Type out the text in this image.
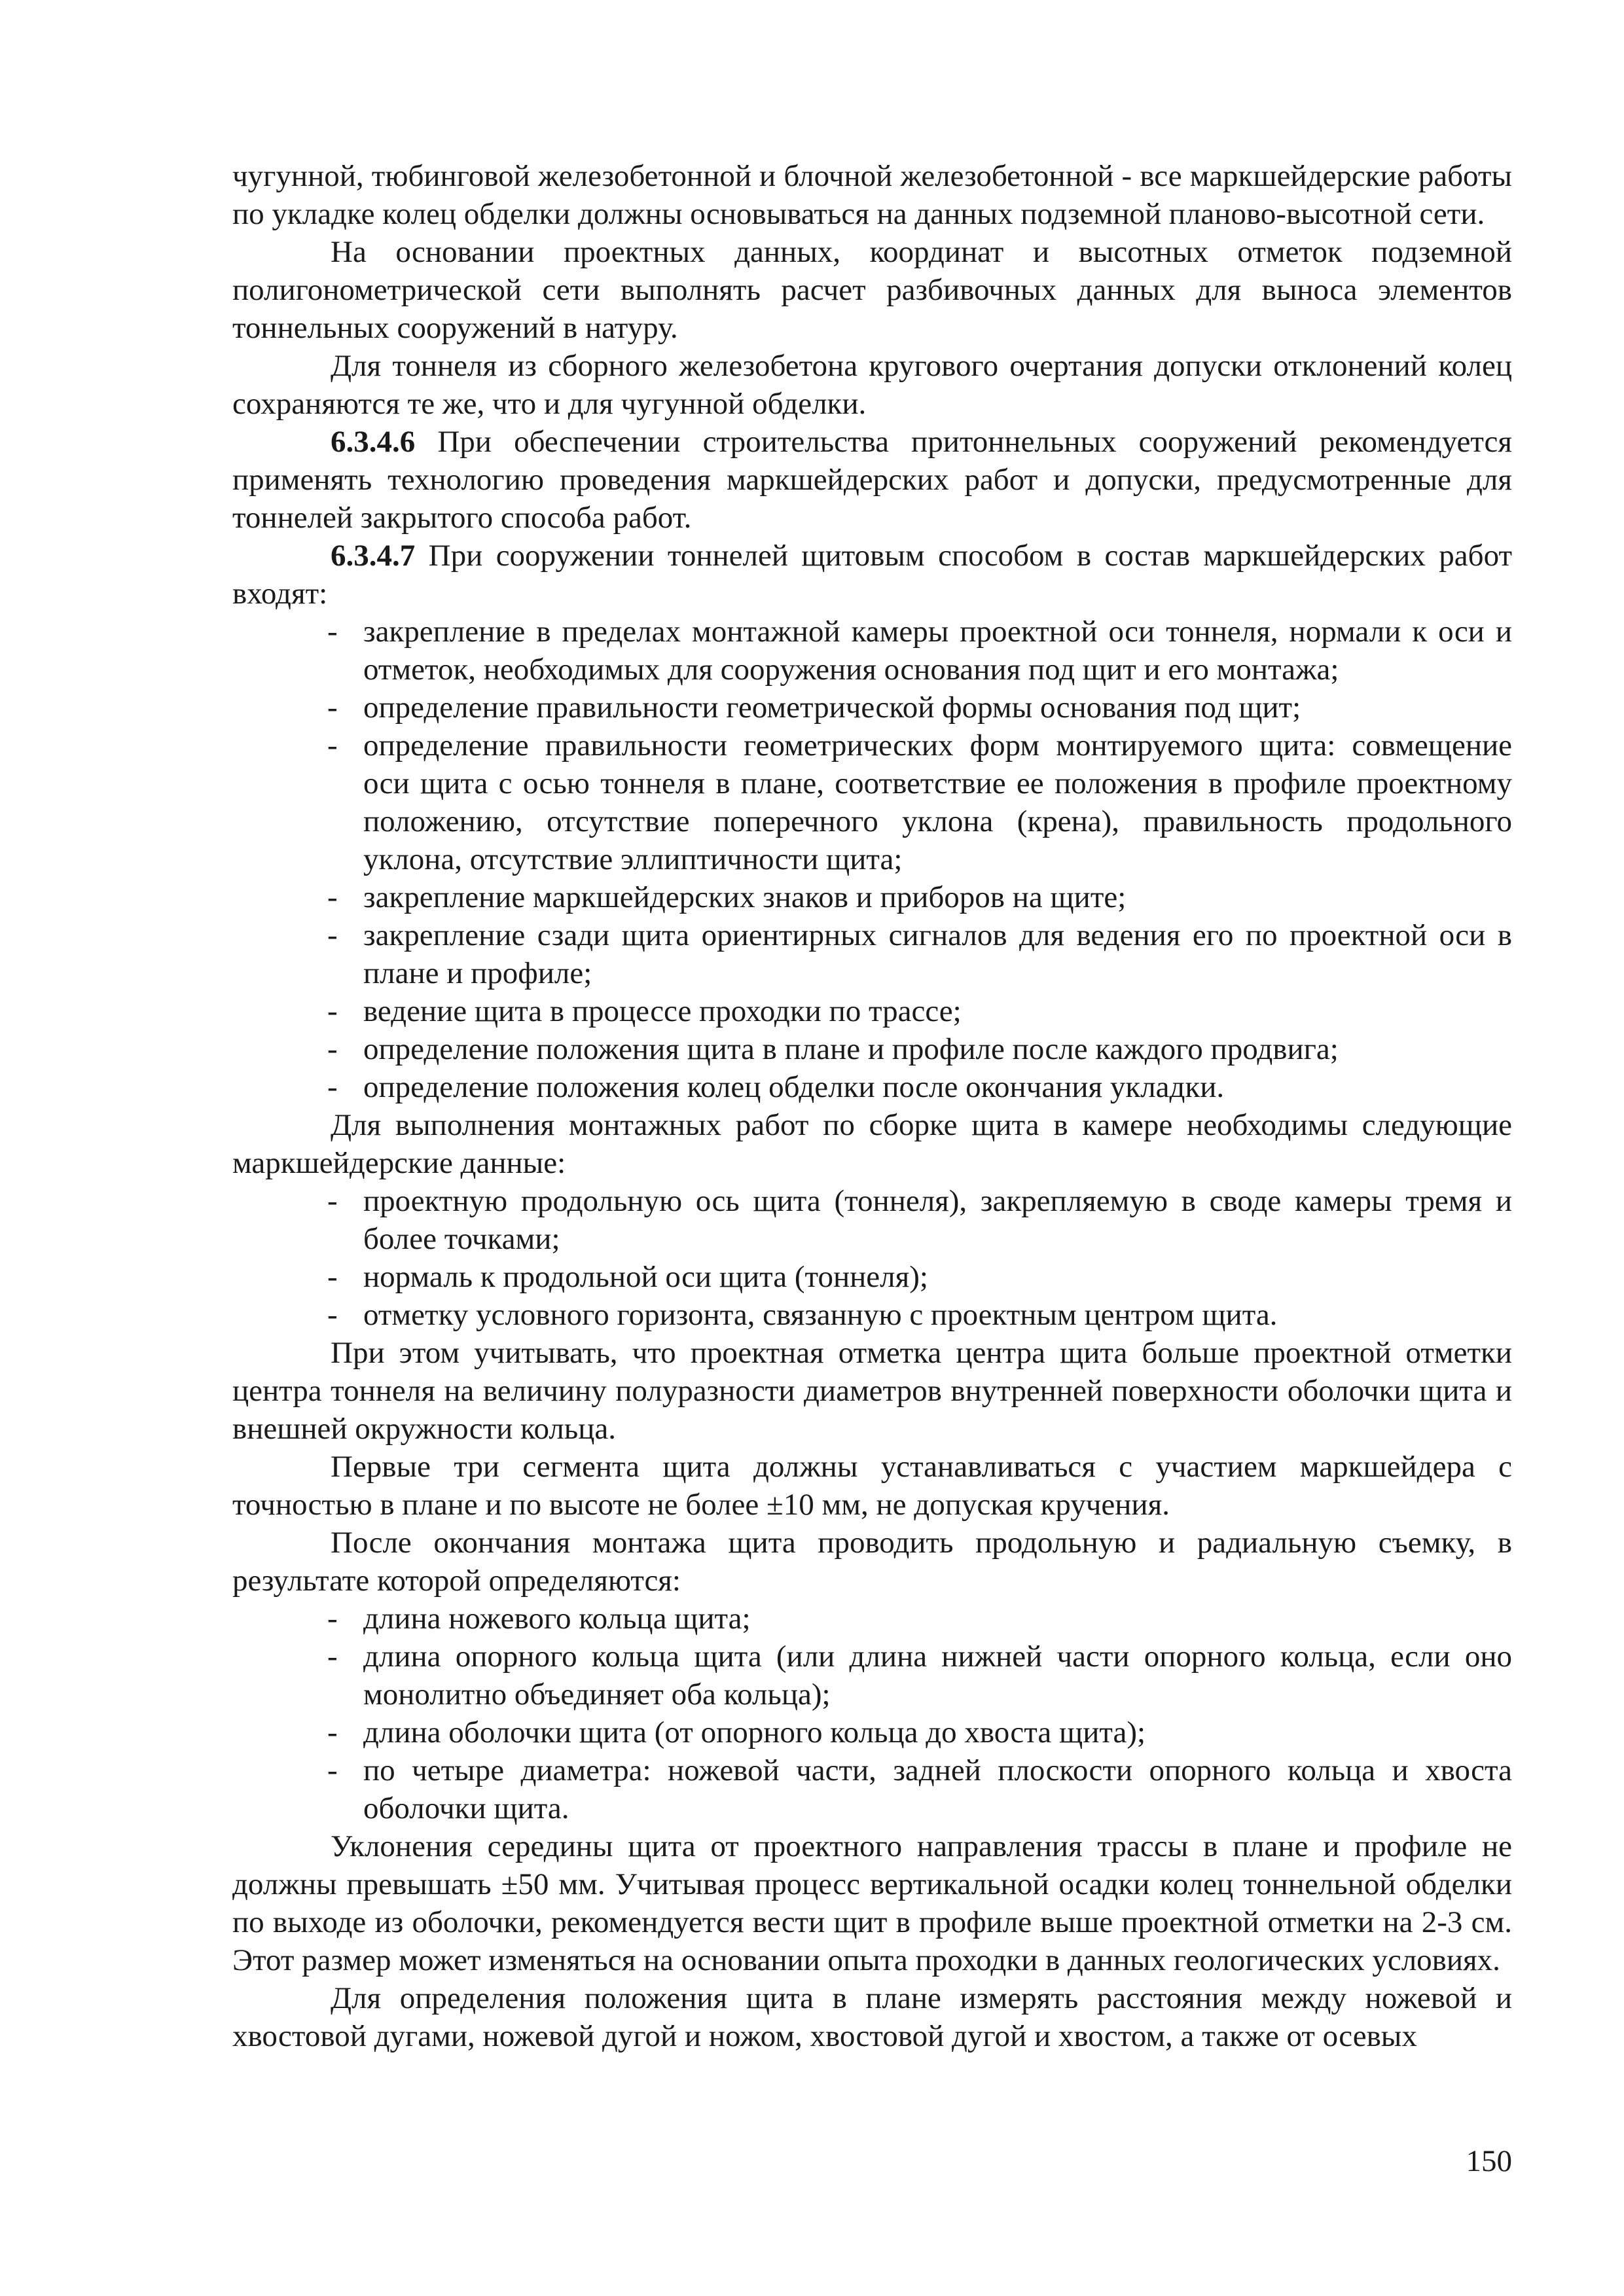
чугунной, тюбинговой железобетонной и блочной железобетонной - все маркшейдерские работы по укладке колец обделки должны основываться на данных подземной планово-высотной сети.

На основании проектных данных, координат и высотных отметок подземной полигонометрической сети выполнять расчет разбивочных данных для выноса элементов тоннельных сооружений в натуру.

Для тоннеля из сборного железобетона кругового очертания допуски отклонений колец сохраняются те же, что и для чугунной обделки.

6.3.4.6 При обеспечении строительства притоннельных сооружений рекомендуется применять технологию проведения маркшейдерских работ и допуски, предусмотренные для тоннелей закрытого способа работ.

6.3.4.7 При сооружении тоннелей щитовым способом в состав маркшейдерских работ входят:

- закрепление в пределах монтажной камеры проектной оси тоннеля, нормали к оси и отметок, необходимых для сооружения основания под щит и его монтажа;
- определение правильности геометрической формы основания под щит;
- определение правильности геометрических форм монтируемого щита: совмещение оси щита с осью тоннеля в плане, соответствие ее положения в профиле проектному положению, отсутствие поперечного уклона (крена), правильность продольного уклона, отсутствие эллиптичности щита;
- закрепление маркшейдерских знаков и приборов на щите;
- закрепление сзади щита ориентирных сигналов для ведения его по проектной оси в плане и профиле;
- ведение щита в процессе проходки по трассе;
- определение положения щита в плане и профиле после каждого продвига;
- определение положения колец обделки после окончания укладки.

Для выполнения монтажных работ по сборке щита в камере необходимы следующие маркшейдерские данные:

- проектную продольную ось щита (тоннеля), закрепляемую в своде камеры тремя и более точками;
- нормаль к продольной оси щита (тоннеля);
- отметку условного горизонта, связанную с проектным центром щита.

При этом учитывать, что проектная отметка центра щита больше проектной отметки центра тоннеля на величину полуразности диаметров внутренней поверхности оболочки щита и внешней окружности кольца.

Первые три сегмента щита должны устанавливаться с участием маркшейдера с точностью в плане и по высоте не более ±10 мм, не допуская кручения.

После окончания монтажа щита проводить продольную и радиальную съемку, в результате которой определяются:

- длина ножевого кольца щита;
- длина опорного кольца щита (или длина нижней части опорного кольца, если оно монолитно объединяет оба кольца);
- длина оболочки щита (от опорного кольца до хвоста щита);
- по четыре диаметра: ножевой части, задней плоскости опорного кольца и хвоста оболочки щита.

Уклонения середины щита от проектного направления трассы в плане и профиле не должны превышать ±50 мм. Учитывая процесс вертикальной осадки колец тоннельной обделки по выходе из оболочки, рекомендуется вести щит в профиле выше проектной отметки на 2-3 см. Этот размер может изменяться на основании опыта проходки в данных геологических условиях.

Для определения положения щита в плане измерять расстояния между ножевой и хвостовой дугами, ножевой дугой и ножом, хвостовой дугой и хвостом, а также от осевых

150
